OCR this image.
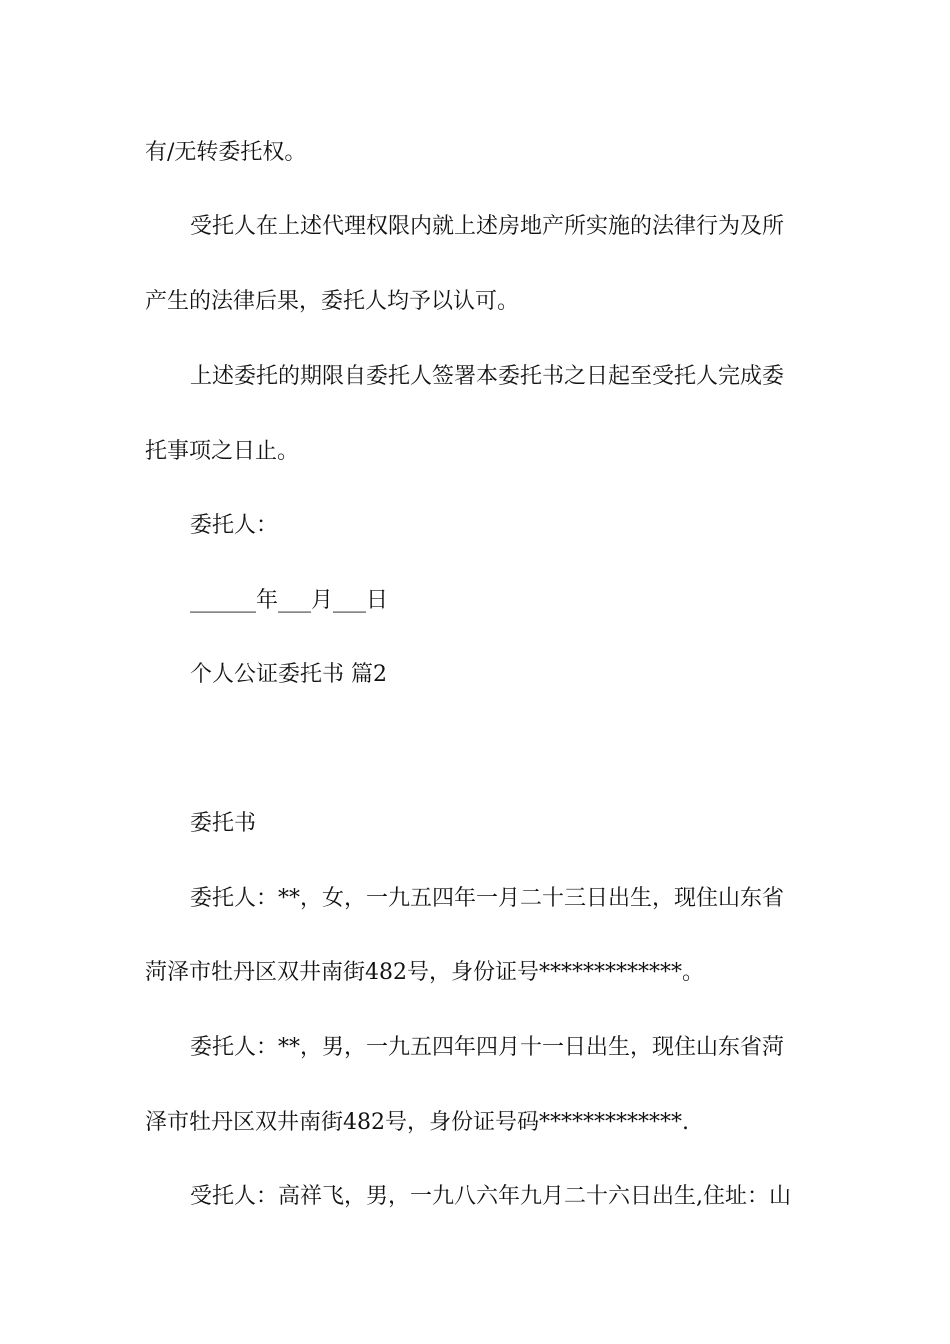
有/无转委托权。
受托人在上述代理权限内就上述房地产所实施的法律行为及所
产生的法律后果，委托人均予以认可。
上述委托的期限自委托人签署本委托书之日起至受托人完成委
托事项之日止。
委托人：
______年___月___日
个人公证委托书 篇2
委托书
委托人：**，女，一九五四年一月二十三日出生，现住山东省
菏泽市牡丹区双井南街482号，身份证号*************。
委托人：**，男，一九五四年四月十一日出生，现住山东省菏
泽市牡丹区双井南街482号，身份证号码*************.
受托人：高祥飞，男，一九八六年九月二十六日出生,住址：山
